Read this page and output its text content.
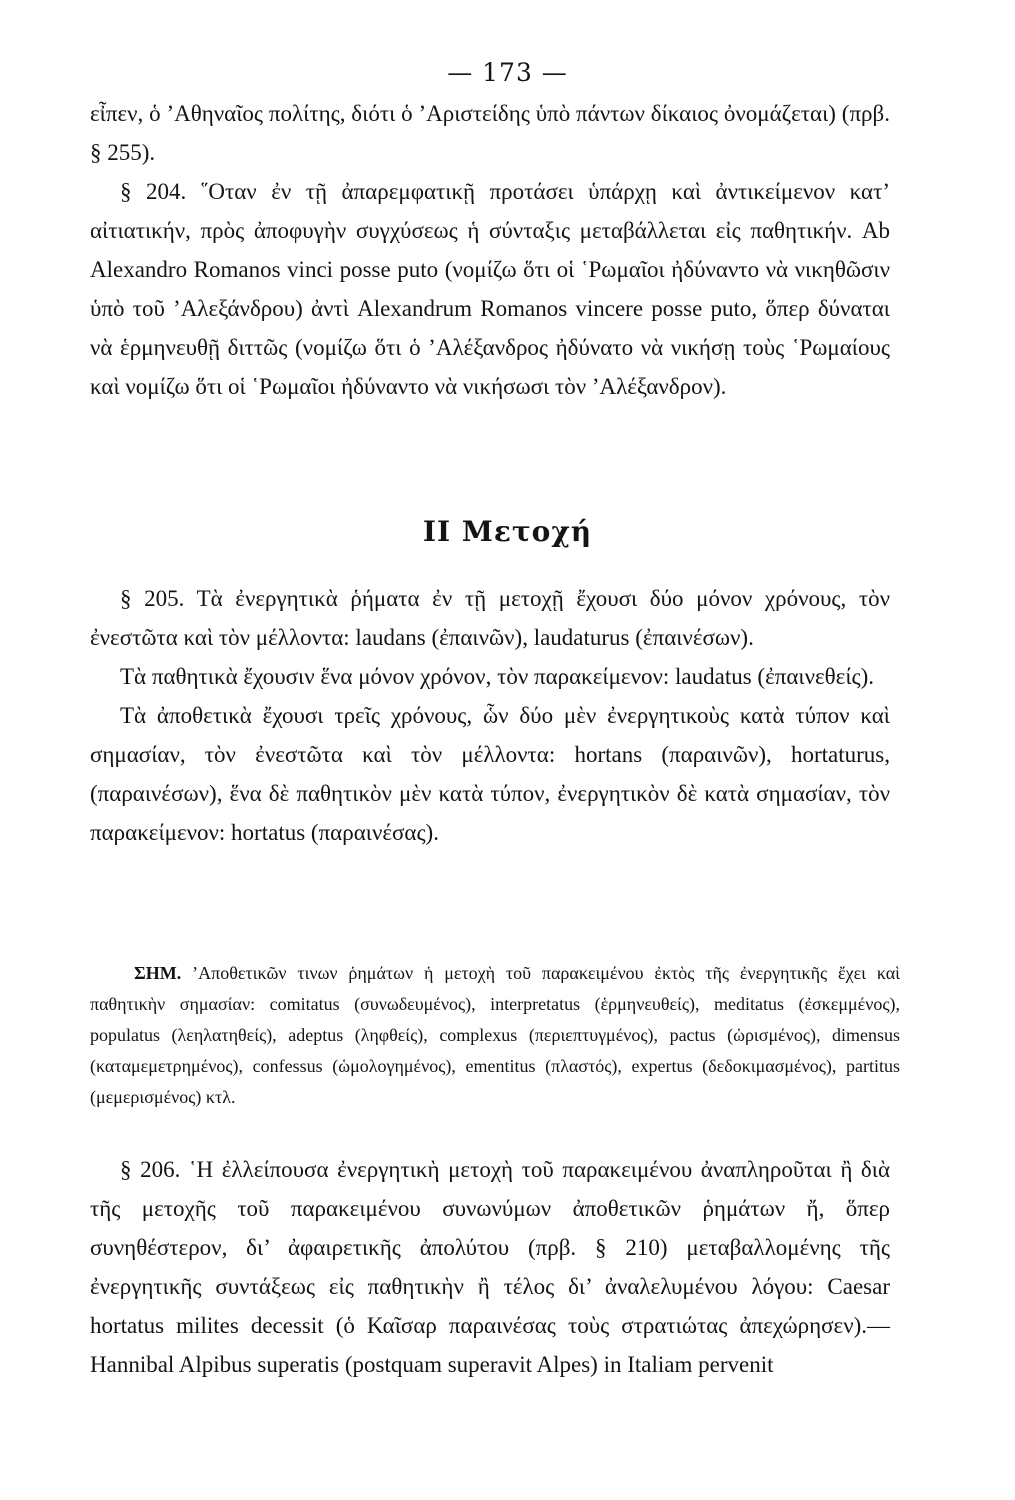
— 173 —

εἶπεν, ὁ ’Αθηναῖος πολίτης, διότι ὁ ’Αριστείδης ὑπὸ πάντων δίκαιος ὀνομάζεται) (πρβ. § 255).

§ 204. ῞Οταν ἐν τῇ ἀπαρεμφατικῇ προτάσει ὑπάρχῃ καὶ ἀντικείμενον κατ’ αἰτιατικήν, πρὸς ἀποφυγὴν συγχύσεως ἡ σύνταξις μεταβάλλεται εἰς παθητικήν. Ab Alexandro Romanos vinci posse puto (νομίζω ὅτι οἱ ῾Ρωμαῖοι ἠδύναντο νὰ νικηθῶσιν ὑπὸ τοῦ ’Αλεξάνδρου) ἀντὶ Alexandrum Romanos vincere posse puto, ὅπερ δύναται νὰ ἑρμηνευθῇ διττῶς (νομίζω ὅτι ὁ ’Αλέξανδρος ἠδύνατο νὰ νικήσῃ τοὺς ῾Ρωμαίους καὶ νομίζω ὅτι οἱ ῾Ρωμαῖοι ἠδύναντο νὰ νικήσωσι τὸν ’Αλέξανδρον).

ΙΙ Μετοχή

§ 205. Τὰ ἐνεργητικὰ ῥήματα ἐν τῇ μετοχῇ ἔχουσι δύο μόνον χρόνους, τὸν ἐνεστῶτα καὶ τὸν μέλλοντα: laudans (ἐπαινῶν), laudaturus (ἐπαινέσων).

Τὰ παθητικὰ ἔχουσιν ἕνα μόνον χρόνον, τὸν παρακείμενον: laudatus (ἐπαινεθείς).

Τὰ ἀποθετικὰ ἔχουσι τρεῖς χρόνους, ὧν δύο μὲν ἐνεργητικοὺς κατὰ τύπον καὶ σημασίαν, τὸν ἐνεστῶτα καὶ τὸν μέλλοντα: hortans (παραινῶν), hortaturus, (παραινέσων), ἕνα δὲ παθητικὸν μὲν κατὰ τύπον, ἐνεργητικὸν δὲ κατὰ σημασίαν, τὸν παρακείμενον: hortatus (παραινέσας).

ΣΗΜ. ’Αποθετικῶν τινων ῥημάτων ἡ μετοχὴ τοῦ παρακειμένου ἐκτὸς τῆς ἐνεργητικῆς ἔχει καὶ παθητικὴν σημασίαν: comitatus (συνωδευμένος), interpretatus (ἑρμηνευθείς), meditatus (ἐσκεμμένος), populatus (λεηλατηθείς), adeptus (ληφθείς), complexus (περιεπτυγμένος), pactus (ὡρισμένος), dimensus (καταμεμετρημένος), confessus (ὡμολογημένος), ementitus (πλαστός), expertus (δεδοκιμασμένος), partitus (μεμερισμένος) κτλ.

§ 206. ῾Η ἐλλείπουσα ἐνεργητικὴ μετοχὴ τοῦ παρακειμένου ἀναπληροῦται ἢ διὰ τῆς μετοχῆς τοῦ παρακειμένου συνωνύμων ἀποθετικῶν ῥημάτων ἤ, ὅπερ συνηθέστερον, δι’ ἀφαιρετικῆς ἀπολύτου (πρβ. § 210) μεταβαλλομένης τῆς ἐνεργητικῆς συντάξεως εἰς παθητικὴν ἢ τέλος δι’ ἀναλελυμένου λόγου: Caesar hortatus milites decessit (ὁ Καῖσαρ παραινέσας τοὺς στρατιώτας ἀπεχώρησεν).—Hannibal Alpibus superatis (postquam superavit Alpes) in Italiam pervenit
